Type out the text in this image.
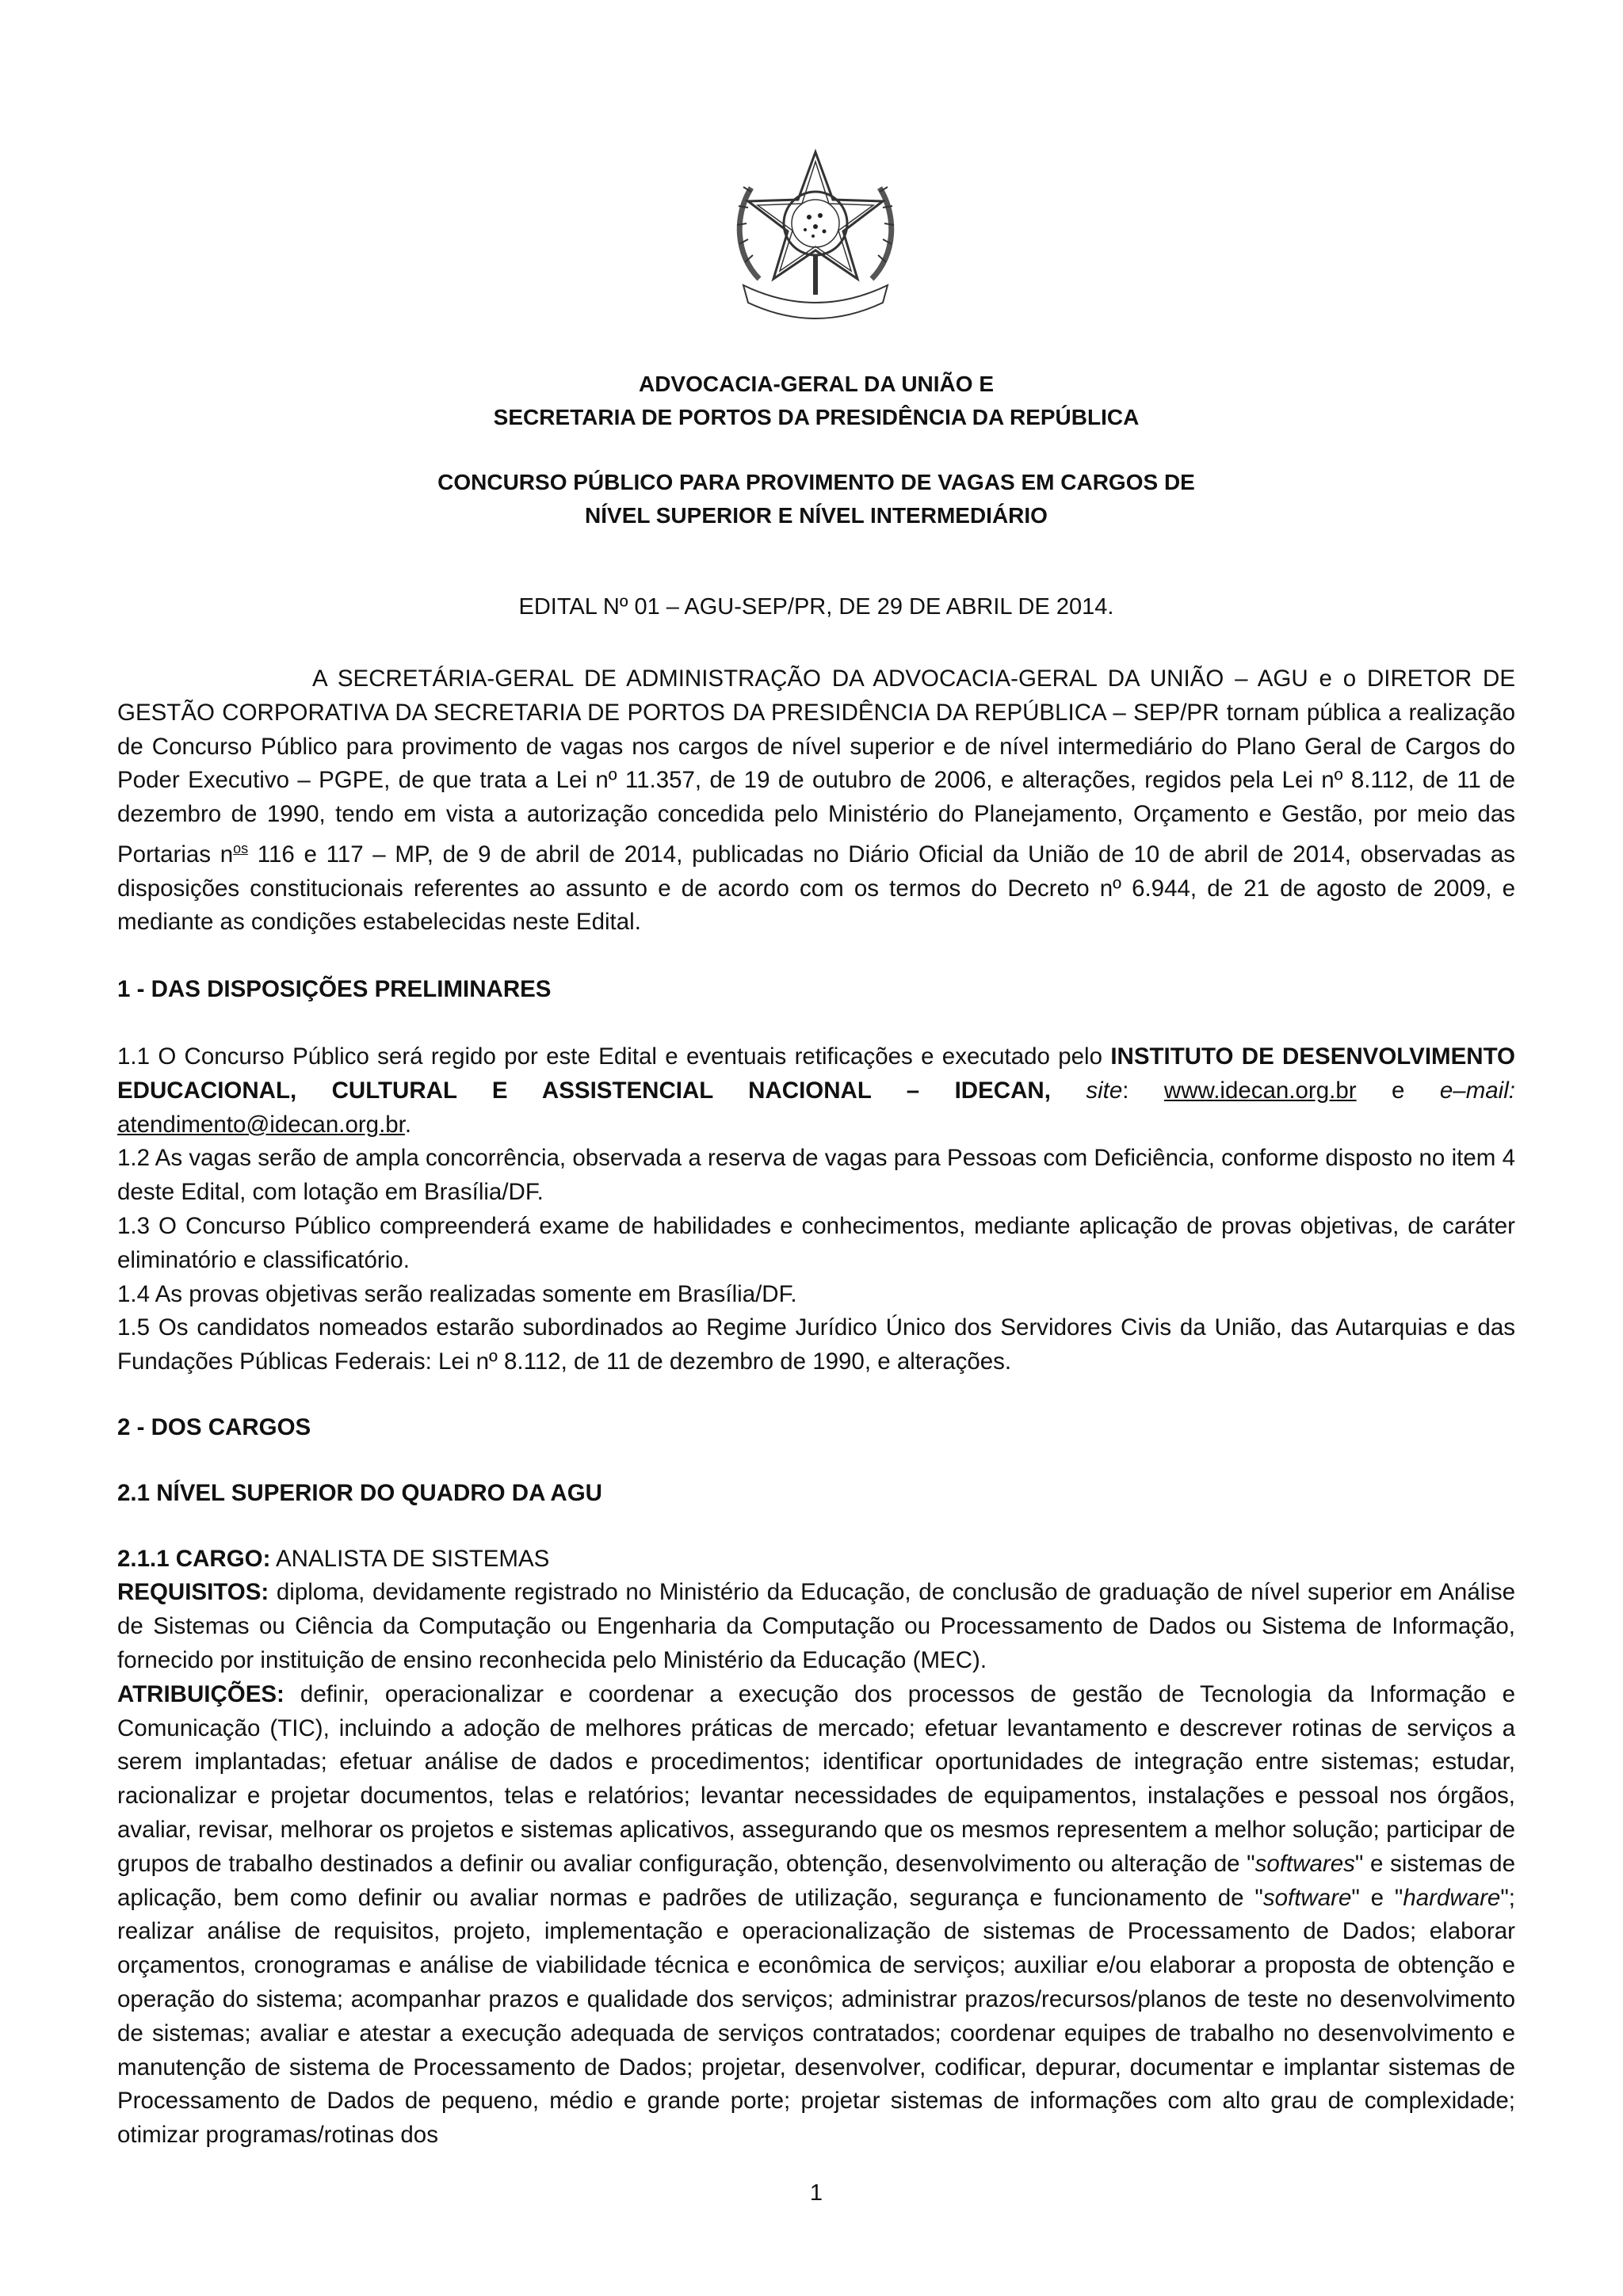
ADVOCACIA-GERAL DA UNIÃO E
SECRETARIA DE PORTOS DA PRESIDÊNCIA DA REPÚBLICA
CONCURSO PÚBLICO PARA PROVIMENTO DE VAGAS EM CARGOS DE
NÍVEL SUPERIOR E NÍVEL INTERMEDIÁRIO
EDITAL Nº 01 – AGU-SEP/PR, DE 29 DE ABRIL DE 2014.

A SECRETÁRIA-GERAL DE ADMINISTRAÇÃO DA ADVOCACIA-GERAL DA UNIÃO – AGU e o DIRETOR DE GESTÃO CORPORATIVA DA SECRETARIA DE PORTOS DA PRESIDÊNCIA DA REPÚBLICA – SEP/PR tornam pública a realização de Concurso Público para provimento de vagas nos cargos de nível superior e de nível intermediário do Plano Geral de Cargos do Poder Executivo – PGPE, de que trata a Lei nº 11.357, de 19 de outubro de 2006, e alterações, regidos pela Lei nº 8.112, de 11 de dezembro de 1990, tendo em vista a autorização concedida pelo Ministério do Planejamento, Orçamento e Gestão, por meio das Portarias $n^{os}$ 116 e 117 – MP, de 9 de abril de 2014, publicadas no Diário Oficial da União de 10 de abril de 2014, observadas as disposições constitucionais referentes ao assunto e de acordo com os termos do Decreto nº 6.944, de 21 de agosto de 2009, e mediante as condições estabelecidas neste Edital.

1 - DAS DISPOSIÇÕES PRELIMINARES

1.1 O Concurso Público será regido por este Edital e eventuais retificações e executado pelo INSTITUTO DE DESENVOLVIMENTO EDUCACIONAL, CULTURAL E ASSISTENCIAL NACIONAL – IDECAN, site: www.idecan.org.br e e–mail: atendimento@idecan.org.br.

1.2 As vagas serão de ampla concorrência, observada a reserva de vagas para Pessoas com Deficiência, conforme disposto no item 4 deste Edital, com lotação em Brasília/DF.

1.3 O Concurso Público compreenderá exame de habilidades e conhecimentos, mediante aplicação de provas objetivas, de caráter eliminatório e classificatório.

1.4 As provas objetivas serão realizadas somente em Brasília/DF.

1.5 Os candidatos nomeados estarão subordinados ao Regime Jurídico Único dos Servidores Civis da União, das Autarquias e das Fundações Públicas Federais: Lei nº 8.112, de 11 de dezembro de 1990, e alterações.

2 - DOS CARGOS

2.1 NÍVEL SUPERIOR DO QUADRO DA AGU

2.1.1 CARGO: ANALISTA DE SISTEMAS

REQUISITOS: diploma, devidamente registrado no Ministério da Educação, de conclusão de graduação de nível superior em Análise de Sistemas ou Ciência da Computação ou Engenharia da Computação ou Processamento de Dados ou Sistema de Informação, fornecido por instituição de ensino reconhecida pelo Ministério da Educação (MEC).

ATRIBUIÇÕES: definir, operacionalizar e coordenar a execução dos processos de gestão de Tecnologia da Informação e Comunicação (TIC), incluindo a adoção de melhores práticas de mercado; efetuar levantamento e descrever rotinas de serviços a serem implantadas; efetuar análise de dados e procedimentos; identificar oportunidades de integração entre sistemas; estudar, racionalizar e projetar documentos, telas e relatórios; levantar necessidades de equipamentos, instalações e pessoal nos órgãos, avaliar, revisar, melhorar os projetos e sistemas aplicativos, assegurando que os mesmos representem a melhor solução; participar de grupos de trabalho destinados a definir ou avaliar configuração, obtenção, desenvolvimento ou alteração de "softwares" e sistemas de aplicação, bem como definir ou avaliar normas e padrões de utilização, segurança e funcionamento de "software" e "hardware"; realizar análise de requisitos, projeto, implementação e operacionalização de sistemas de Processamento de Dados; elaborar orçamentos, cronogramas e análise de viabilidade técnica e econômica de serviços; auxiliar e/ou elaborar a proposta de obtenção e operação do sistema; acompanhar prazos e qualidade dos serviços; administrar prazos/recursos/planos de teste no desenvolvimento de sistemas; avaliar e atestar a execução adequada de serviços contratados; coordenar equipes de trabalho no desenvolvimento e manutenção de sistema de Processamento de Dados; projetar, desenvolver, codificar, depurar, documentar e implantar sistemas de Processamento de Dados de pequeno, médio e grande porte; projetar sistemas de informações com alto grau de complexidade; otimizar programas/rotinas dos

1
